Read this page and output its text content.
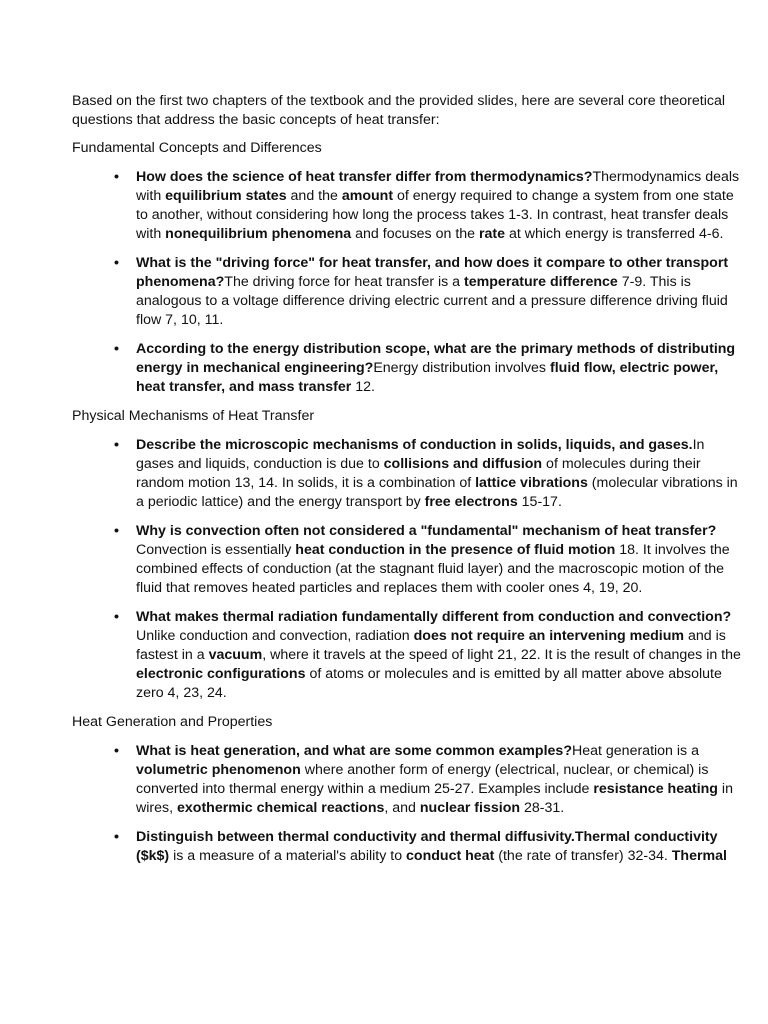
Based on the first two chapters of the textbook and the provided slides, here are several core theoretical questions that address the basic concepts of heat transfer:

Fundamental Concepts and Differences
• How does the science of heat transfer differ from thermodynamics?Thermodynamics deals with equilibrium states and the amount of energy required to change a system from one state to another, without considering how long the process takes 1-3. In contrast, heat transfer deals with nonequilibrium phenomena and focuses on the rate at which energy is transferred 4-6.
• What is the "driving force" for heat transfer, and how does it compare to other transport phenomena?The driving force for heat transfer is a temperature difference 7-9. This is analogous to a voltage difference driving electric current and a pressure difference driving fluid flow 7, 10, 11.
• According to the energy distribution scope, what are the primary methods of distributing energy in mechanical engineering?Energy distribution involves fluid flow, electric power, heat transfer, and mass transfer 12.
Physical Mechanisms of Heat Transfer
• Describe the microscopic mechanisms of conduction in solids, liquids, and gases.In gases and liquids, conduction is due to collisions and diffusion of molecules during their random motion 13, 14. In solids, it is a combination of lattice vibrations (molecular vibrations in a periodic lattice) and the energy transport by free electrons 15-17.
• Why is convection often not considered a "fundamental" mechanism of heat transfer?Convection is essentially heat conduction in the presence of fluid motion 18. It involves the combined effects of conduction (at the stagnant fluid layer) and the macroscopic motion of the fluid that removes heated particles and replaces them with cooler ones 4, 19, 20.
• What makes thermal radiation fundamentally different from conduction and convection?Unlike conduction and convection, radiation does not require an intervening medium and is fastest in a vacuum, where it travels at the speed of light 21, 22. It is the result of changes in the electronic configurations of atoms or molecules and is emitted by all matter above absolute zero 4, 23, 24.
Heat Generation and Properties
• What is heat generation, and what are some common examples?Heat generation is a volumetric phenomenon where another form of energy (electrical, nuclear, or chemical) is converted into thermal energy within a medium 25-27. Examples include resistance heating in wires, exothermic chemical reactions, and nuclear fission 28-31.
• Distinguish between thermal conductivity and thermal diffusivity.Thermal conductivity ($k$) is a measure of a material's ability to conduct heat (the rate of transfer) 32-34. Thermal
